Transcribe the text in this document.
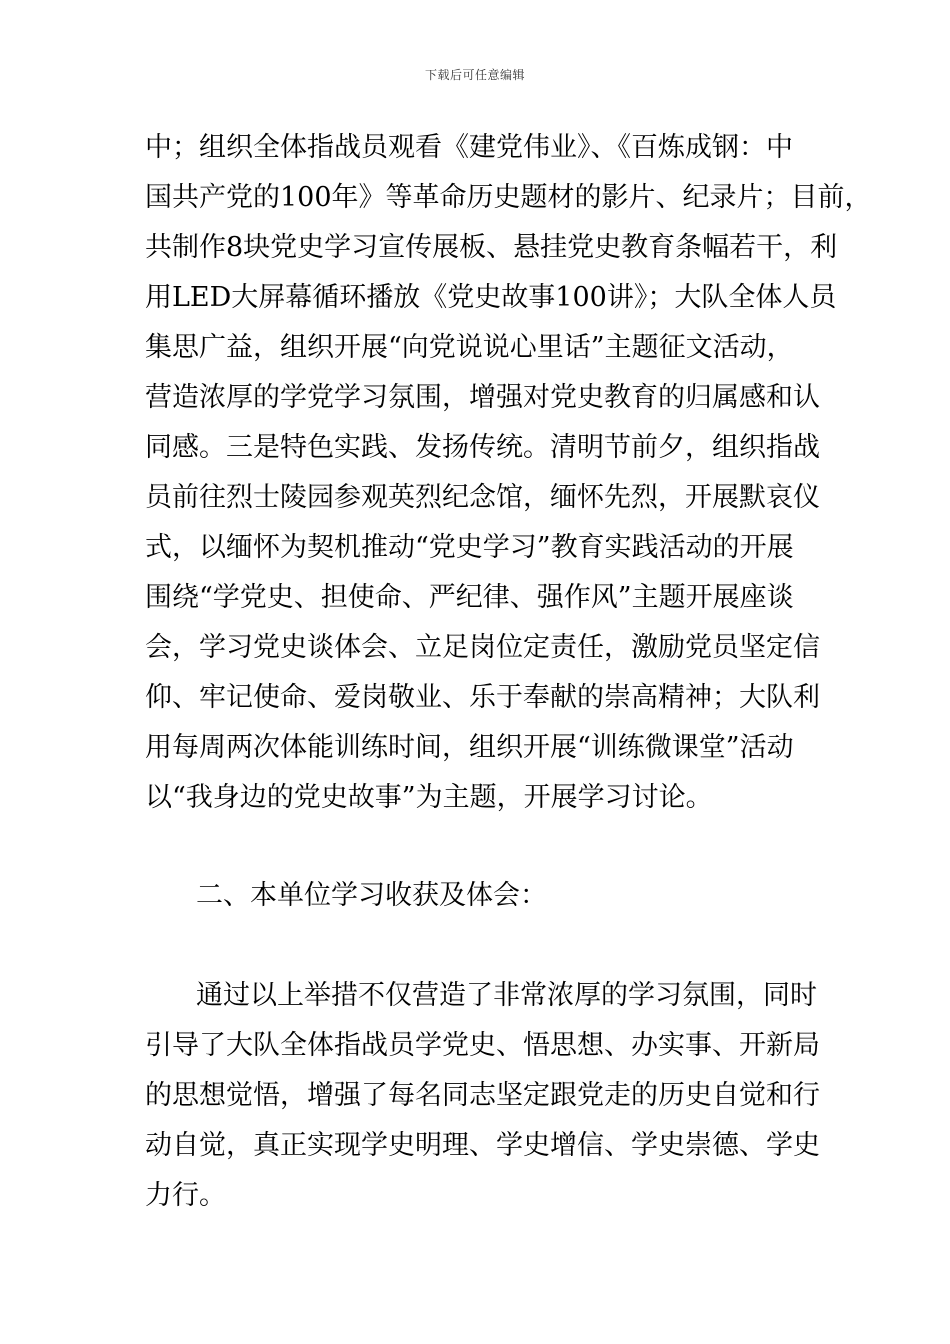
下载后可任意编辑
中；组织全体指战员观看《建党伟业》、《百炼成钢：中
国共产党的100年》等革命历史题材的影片、纪录片；目前，
共制作8块党史学习宣传展板、悬挂党史教育条幅若干，利
用LED大屏幕循环播放《党史故事100讲》；大队全体人员
集思广益，组织开展“向党说说心里话”主题征文活动，
营造浓厚的学党学习氛围，增强对党史教育的归属感和认
同感。三是特色实践、发扬传统。清明节前夕，组织指战
员前往烈士陵园参观英烈纪念馆，缅怀先烈，开展默哀仪
式，以缅怀为契机推动“党史学习”教育实践活动的开展
围绕“学党史、担使命、严纪律、强作风”主题开展座谈
会，学习党史谈体会、立足岗位定责任，激励党员坚定信
仰、牢记使命、爱岗敬业、乐于奉献的崇高精神；大队利
用每周两次体能训练时间，组织开展“训练微课堂”活动
以“我身边的党史故事”为主题，开展学习讨论。
二、本单位学习收获及体会：
通过以上举措不仅营造了非常浓厚的学习氛围，同时
引导了大队全体指战员学党史、悟思想、办实事、开新局
的思想觉悟，增强了每名同志坚定跟党走的历史自觉和行
动自觉，真正实现学史明理、学史增信、学史崇德、学史
力行。
